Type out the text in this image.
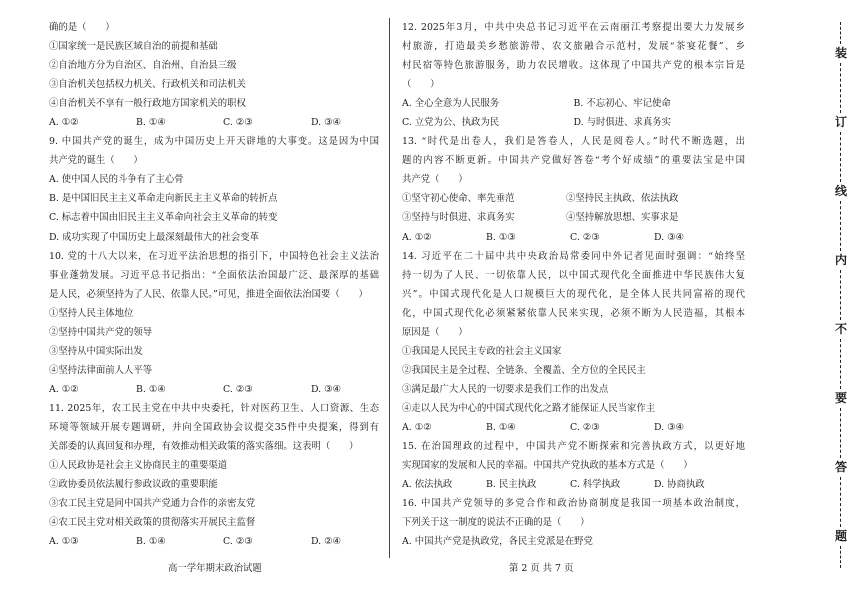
确的是（　　）
①国家统一是民族区域自治的前提和基础
②自治地方分为自治区、自治州、自治县三级
③自治机关包括权力机关、行政机关和司法机关
④自治机关不享有一般行政地方国家机关的职权
A. ①②	B. ①④	C. ②③	D. ③④
9. 中国共产党的诞生，成为中国历史上开天辟地的大事变。这是因为中国
共产党的诞生（　　）
A. 使中国人民的斗争有了主心骨
B. 是中国旧民主主义革命走向新民主主义革命的转折点
C. 标志着中国由旧民主主义革命向社会主义革命的转变
D. 成功实现了中国历史上最深刻最伟大的社会变革
10. 党的十八大以来，在习近平法治思想的指引下，中国特色社会主义法治
事业蓬勃发展。习近平总书记指出：“全面依法治国最广泛、最深厚的基础
是人民，必须坚持为了人民、依靠人民。”可见，推进全面依法治国要（　　）
①坚持人民主体地位
②坚持中国共产党的领导
③坚持从中国实际出发
④坚持法律面前人人平等
A. ①②	B. ①④	C. ②③	D. ③④
11. 2025年，农工民主党在中共中央委托，针对医药卫生、人口资源、生态
环境等领域开展专题调研，并向全国政协会议提交35件中央提案，得到有
关部委的认真回复和办理，有效推动相关政策的落实落细。这表明（　　）
①人民政协是社会主义协商民主的重要渠道
②政协委员依法履行参政议政的重要职能
③农工民主党是同中国共产党通力合作的亲密友党
④农工民主党对相关政策的贯彻落实开展民主监督
A. ①③	B. ①④	C. ②③	D. ②④
12. 2025年3月，中共中央总书记习近平在云南丽江考察提出要大力发展乡
村旅游，打造最美乡愁旅游带、农文旅融合示范村，发展“茶宴花餐”、乡
村民宿等特色旅游服务，助力农民增收。这体现了中国共产党的根本宗旨是
（　　）
A. 全心全意为人民服务	B. 不忘初心、牢记使命
C. 立党为公、执政为民	D. 与时俱进、求真务实
13. “时代是出卷人，我们是答卷人，人民是阅卷人。”时代不断选题，出
题的内容不断更新。中国共产党做好答卷“考个好成绩”的重要法宝是中国
共产党（　　）
①坚守初心使命、率先垂范	②坚持民主执政、依法执政
③坚持与时俱进、求真务实	④坚持解放思想、实事求是
A. ①②	B. ①③	C. ②③	D. ③④
14. 习近平在二十届中共中央政治局常委同中外记者见面时强调：“始终坚
持一切为了人民、一切依靠人民，以中国式现代化全面推进中华民族伟大复
兴”。中国式现代化是人口规模巨大的现代化，是全体人民共同富裕的现代
化，中国式现代化必须紧紧依靠人民来实现，必须不断为人民造福，其根本
原因是（　　）
①我国是人民民主专政的社会主义国家
②我国民主是全过程、全链条、全覆盖、全方位的全民民主
③满足最广大人民的一切要求是我们工作的出发点
④走以人民为中心的中国式现代化之路才能保证人民当家作主
A. ①②	B. ①④	C. ②③	D. ③④
15. 在治国理政的过程中，中国共产党不断探索和完善执政方式，以更好地
实现国家的发展和人民的幸福。中国共产党执政的基本方式是（　　）
A. 依法执政	B. 民主执政	C. 科学执政	D. 协商执政
16. 中国共产党领导的多党合作和政治协商制度是我国一项基本政治制度，
下列关于这一制度的说法不正确的是（　　）
A. 中国共产党是执政党，各民主党派是在野党
高一学年期末政治试题	第 2 页 共 7 页
装
订
线
内
不
要
答
题
